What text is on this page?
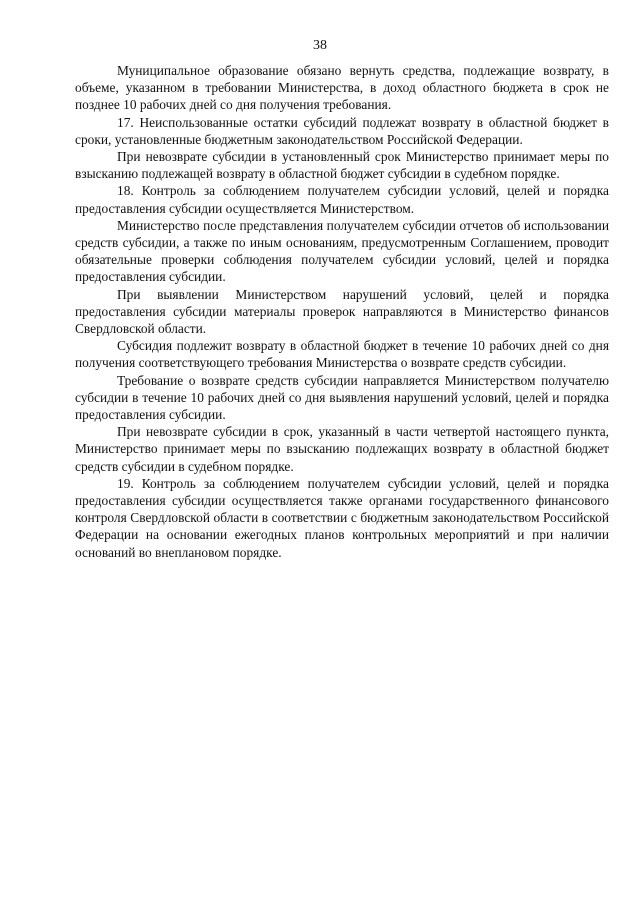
38

Муниципальное образование обязано вернуть средства, подлежащие возврату, в объеме, указанном в требовании Министерства, в доход областного бюджета в срок не позднее 10 рабочих дней со дня получения требования.

17. Неиспользованные остатки субсидий подлежат возврату в областной бюджет в сроки, установленные бюджетным законодательством Российской Федерации.

При невозврате субсидии в установленный срок Министерство принимает меры по взысканию подлежащей возврату в областной бюджет субсидии в судебном порядке.

18. Контроль за соблюдением получателем субсидии условий, целей и порядка предоставления субсидии осуществляется Министерством.

Министерство после представления получателем субсидии отчетов об использовании средств субсидии, а также по иным основаниям, предусмотренным Соглашением, проводит обязательные проверки соблюдения получателем субсидии условий, целей и порядка предоставления субсидии.

При выявлении Министерством нарушений условий, целей и порядка предоставления субсидии материалы проверок направляются в Министерство финансов Свердловской области.

Субсидия подлежит возврату в областной бюджет в течение 10 рабочих дней со дня получения соответствующего требования Министерства о возврате средств субсидии.

Требование о возврате средств субсидии направляется Министерством получателю субсидии в течение 10 рабочих дней со дня выявления нарушений условий, целей и порядка предоставления субсидии.

При невозврате субсидии в срок, указанный в части четвертой настоящего пункта, Министерство принимает меры по взысканию подлежащих возврату в областной бюджет средств субсидии в судебном порядке.

19. Контроль за соблюдением получателем субсидии условий, целей и порядка предоставления субсидии осуществляется также органами государственного финансового контроля Свердловской области в соответствии с бюджетным законодательством Российской Федерации на основании ежегодных планов контрольных мероприятий и при наличии оснований во внеплановом порядке.
